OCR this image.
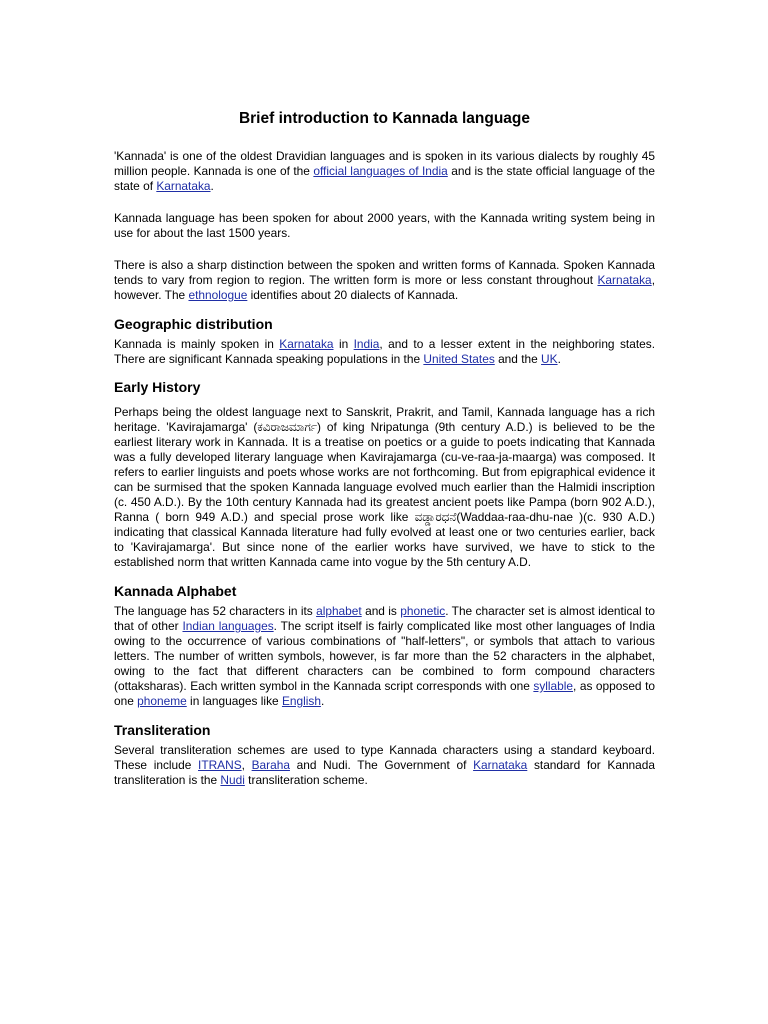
Brief introduction to Kannada language

'Kannada' is one of the oldest Dravidian languages and is spoken in its various dialects by roughly 45 million people. Kannada is one of the official languages of India and is the state official language of the state of Karnataka.

Kannada language has been spoken for about 2000 years, with the Kannada writing system being in use for about the last 1500 years.

There is also a sharp distinction between the spoken and written forms of Kannada. Spoken Kannada tends to vary from region to region. The written form is more or less constant throughout Karnataka, however. The ethnologue identifies about 20 dialects of Kannada.

Geographic distribution

Kannada is mainly spoken in Karnataka in India, and to a lesser extent in the neighboring states. There are significant Kannada speaking populations in the United States and the UK.

Early History

Perhaps being the oldest language next to Sanskrit, Prakrit, and Tamil, Kannada language has a rich heritage. 'Kavirajamarga' (ಕವಿರಾಜಮಾರ್ಗ) of king Nripatunga (9th century A.D.) is believed to be the earliest literary work in Kannada. It is a treatise on poetics or a guide to poets indicating that Kannada was a fully developed literary language when Kavirajamarga (cu-ve-raa-ja-maarga) was composed. It refers to earlier linguists and poets whose works are not forthcoming. But from epigraphical evidence it can be surmised that the spoken Kannada language evolved much earlier than the Halmidi inscription (c. 450 A.D.). By the 10th century Kannada had its greatest ancient poets like Pampa (born 902 A.D.), Ranna ( born 949 A.D.) and special prose work like ವಡ್ಡಾರಧನೆ(Waddaa-raa-dhu-nae )(c. 930 A.D.) indicating that classical Kannada literature had fully evolved at least one or two centuries earlier, back to 'Kavirajamarga'. But since none of the earlier works have survived, we have to stick to the established norm that written Kannada came into vogue by the 5th century A.D.

Kannada Alphabet

The language has 52 characters in its alphabet and is phonetic. The character set is almost identical to that of other Indian languages. The script itself is fairly complicated like most other languages of India owing to the occurrence of various combinations of "half-letters", or symbols that attach to various letters. The number of written symbols, however, is far more than the 52 characters in the alphabet, owing to the fact that different characters can be combined to form compound characters (ottaksharas). Each written symbol in the Kannada script corresponds with one syllable, as opposed to one phoneme in languages like English.

Transliteration

Several transliteration schemes are used to type Kannada characters using a standard keyboard. These include ITRANS, Baraha and Nudi. The Government of Karnataka standard for Kannada transliteration is the Nudi transliteration scheme.
